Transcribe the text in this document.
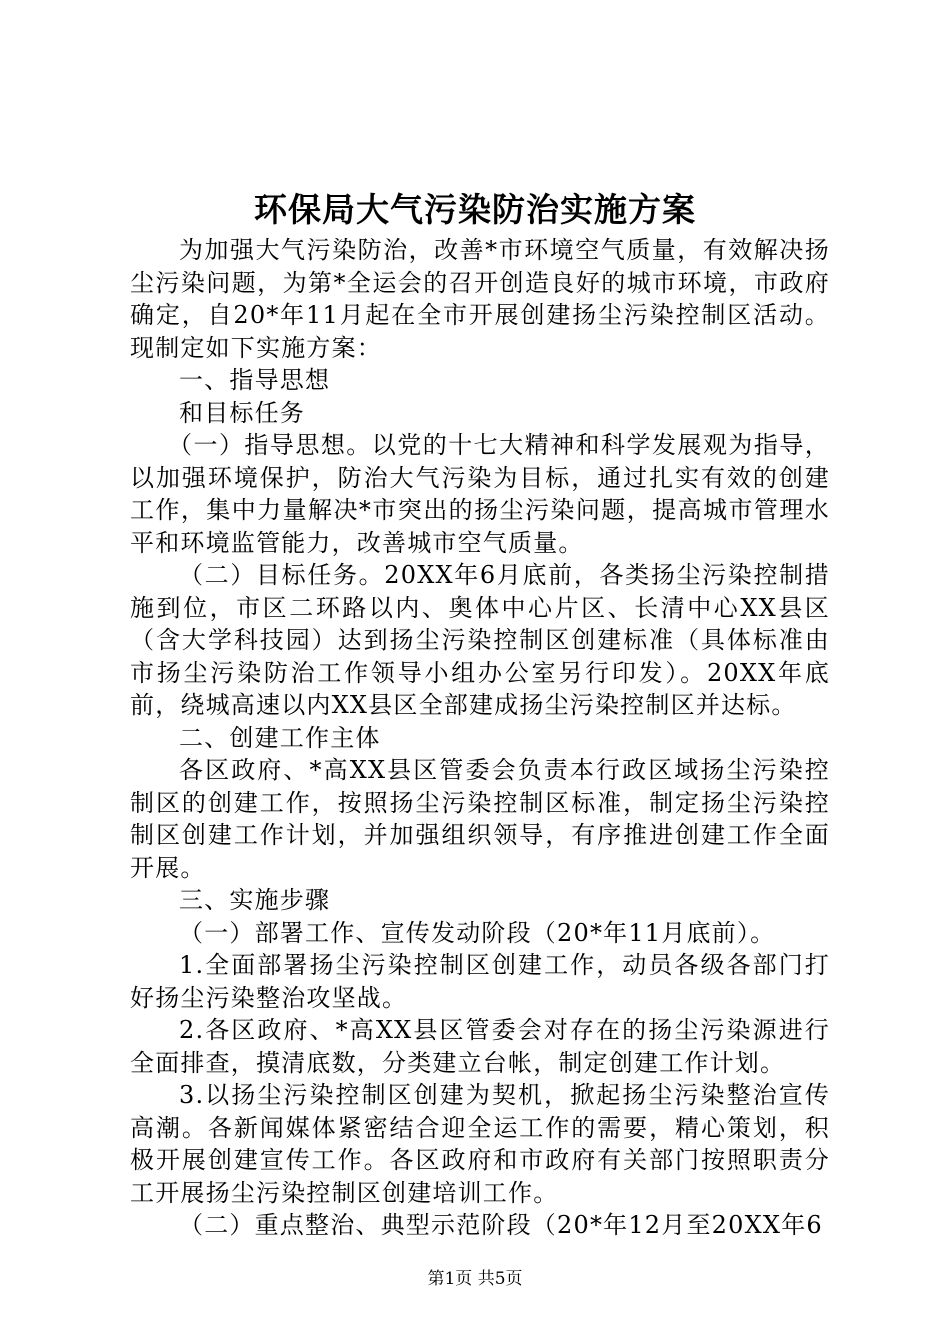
环保局大气污染防治实施方案

为加强大气污染防治，改善*市环境空气质量，有效解决扬尘污染问题，为第*全运会的召开创造良好的城市环境，市政府确定，自20*年11月起在全市开展创建扬尘污染控制区活动。现制定如下实施方案：

一、指导思想

和目标任务

（一）指导思想。以党的十七大精神和科学发展观为指导，以加强环境保护，防治大气污染为目标，通过扎实有效的创建工作，集中力量解决*市突出的扬尘污染问题，提高城市管理水平和环境监管能力，改善城市空气质量。

（二）目标任务。20XX年6月底前，各类扬尘污染控制措施到位，市区二环路以内、奥体中心片区、长清中心XX县区（含大学科技园）达到扬尘污染控制区创建标准（具体标准由市扬尘污染防治工作领导小组办公室另行印发）。20XX年底前，绕城高速以内XX县区全部建成扬尘污染控制区并达标。

二、创建工作主体

各区政府、*高XX县区管委会负责本行政区域扬尘污染控制区的创建工作，按照扬尘污染控制区标准，制定扬尘污染控制区创建工作计划，并加强组织领导，有序推进创建工作全面开展。

三、实施步骤

（一）部署工作、宣传发动阶段（20*年11月底前）。

1.全面部署扬尘污染控制区创建工作，动员各级各部门打好扬尘污染整治攻坚战。

2.各区政府、*高XX县区管委会对存在的扬尘污染源进行全面排查，摸清底数，分类建立台帐，制定创建工作计划。

3.以扬尘污染控制区创建为契机，掀起扬尘污染整治宣传高潮。各新闻媒体紧密结合迎全运工作的需要，精心策划，积极开展创建宣传工作。各区政府和市政府有关部门按照职责分工开展扬尘污染控制区创建培训工作。

（二）重点整治、典型示范阶段（20*年12月至20XX年6

第1页 共5页
